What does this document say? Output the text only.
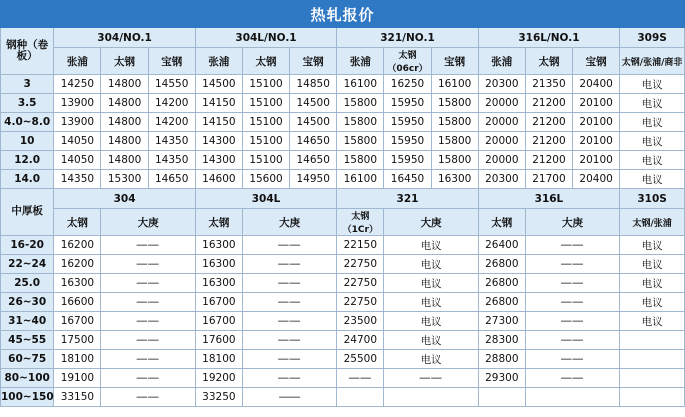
热轧报价													
钢种（卷板）	304/NO.1			304L/NO.1			321/NO.1			316L/NO.1			309S
	张浦	太钢	宝钢	张浦	太钢	宝钢	张浦	太钢（06cr）	宝钢	张浦	太钢	宝钢	太钢/张浦/商非
3	14250	14800	14550	14500	15100	14850	16100	16250	16100	20300	21350	20400	电议
3.5	13900	14800	14200	14150	15100	14500	15800	15950	15800	20000	21200	20100	电议
4.0~8.0	13900	14800	14200	14150	15100	14500	15800	15950	15800	20000	21200	20100	电议
10	14050	14800	14350	14300	15100	14650	15800	15950	15800	20000	21200	20100	电议
12.0	14050	14800	14350	14300	15100	14650	15800	15950	15800	20000	21200	20100	电议
14.0	14350	15300	14650	14600	15600	14950	16100	16450	16300	20300	21700	20400	电议
中厚板	304			304L			321			316L			310S
	太钢	大庚		太钢	大庚		太钢（1Cr）	大庚		太钢	大庚		太钢/张浦
16-20	16200	――		16300	――		22150	电议		26400	――		电议
22~24	16200	――		16300	――		22750	电议		26800	――		电议
25.0	16300	――		16300	――		22750	电议		26800	――		电议
26~30	16600	――		16700	――		22750	电议		26800	――		电议
31~40	16700	――		16700	――		23500	电议		27300	――		电议
45~55	17500	――		17600	――		24700	电议		28300	――		
60~75	18100	――		18100	――		25500	电议		28800	――		
80~100	19100	――		19200	――		――	――		29300	――		
100~150	33150	――		33250	――								
